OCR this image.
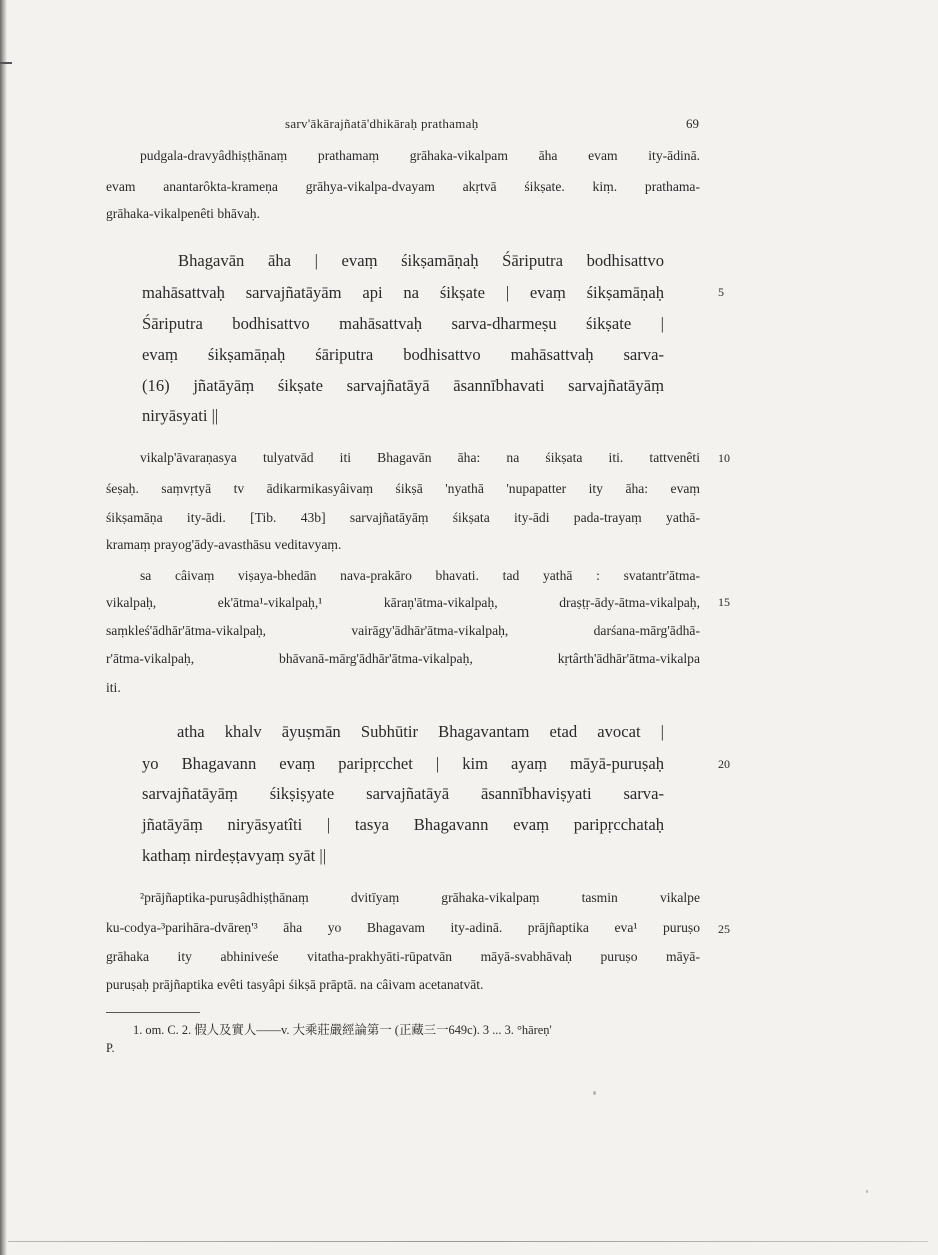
sarv'ākārajñatā'dhikāraḥ prathamaḥ	69
pudgala-dravyâdhiṣṭhānaṃ prathamaṃ grāhaka-vikalpam āha evam ity-ādinā.
evam anantarôkta-krameṇa grāhya-vikalpa-dvayam akṛtvā śikṣate. kiṃ. prathama-
grāhaka-vikalpenêti bhāvaḥ.
Bhagavān āha | evaṃ śikṣamāṇaḥ Śāriputra bodhisattvo
mahāsattvaḥ sarvajñatāyām api na śikṣate | evaṃ śikṣamāṇaḥ
Śāriputra bodhisattvo mahāsattvaḥ sarva-dharmeṣu śikṣate |
evaṃ śikṣamāṇaḥ śāriputra bodhisattvo mahāsattvaḥ sarva-
(16) jñatāyāṃ śikṣate sarvajñatāyā āsannībhavati sarvajñatāyāṃ
niryāsyati ||
vikalp'āvaraṇasya tulyatvād iti Bhagavān āha: na śikṣata iti. tattvenêti
śeṣaḥ. saṃvṛtyā tv ādikarmikasyâivaṃ śikṣā 'nyathā 'nupapatter ity āha: evaṃ
śikṣamāṇa ity-ādi. [Tib. 43b] sarvajñatāyāṃ śikṣata ity-ādi pada-trayaṃ yathā-
kramaṃ prayog'ādy-avasthāsu veditavyaṃ.
sa câivaṃ viṣaya-bhedān nava-prakāro bhavati. tad yathā : svatantr'ātma-
vikalpaḥ, ek'ātma¹-vikalpaḥ,¹ kāraṇ'ātma-vikalpaḥ, draṣṭṛ-ādy-ātma-vikalpaḥ,
saṃkleś'ādhār'ātma-vikalpaḥ, vairāgy'ādhār'ātma-vikalpaḥ, darśana-mārg'ādhā-
r'ātma-vikalpaḥ, bhāvanā-mārg'ādhār'ātma-vikalpaḥ, kṛtârth'ādhār'ātma-vikalpa
iti.
atha khalv āyuṣmān Subhūtir Bhagavantam etad avocat |
yo Bhagavann evaṃ paripṛcchet | kim ayaṃ māyā-puruṣaḥ
sarvajñatāyāṃ śikṣiṣyate sarvajñatāyā āsannībhaviṣyati sarva-
jñatāyāṃ niryāsyatîti | tasya Bhagavann evaṃ paripṛcchataḥ
kathaṃ nirdeṣṭavyaṃ syāt ||
²prājñaptika-puruṣâdhiṣṭhānaṃ dvitīyaṃ grāhaka-vikalpaṃ tasmin vikalpe
ku-codya-³parihāra-dvāreṇ'³ āha yo Bhagavam ity-adinā. prājñaptika eva¹ puruṣo
grāhaka ity abhiniveśe vitatha-prakhyāti-rūpatvān māyā-svabhāvaḥ puruṣo māyā-
puruṣaḥ prājñaptika evêti tasyâpi śikṣā prāptā. na câivam acetanatvāt.
5
10
15
20
25
1. om. C. 2. 假人及實人——v. 大乘莊嚴經論第一 (正藏三一649c). 3 ... 3. °hāreṇ'
P.
